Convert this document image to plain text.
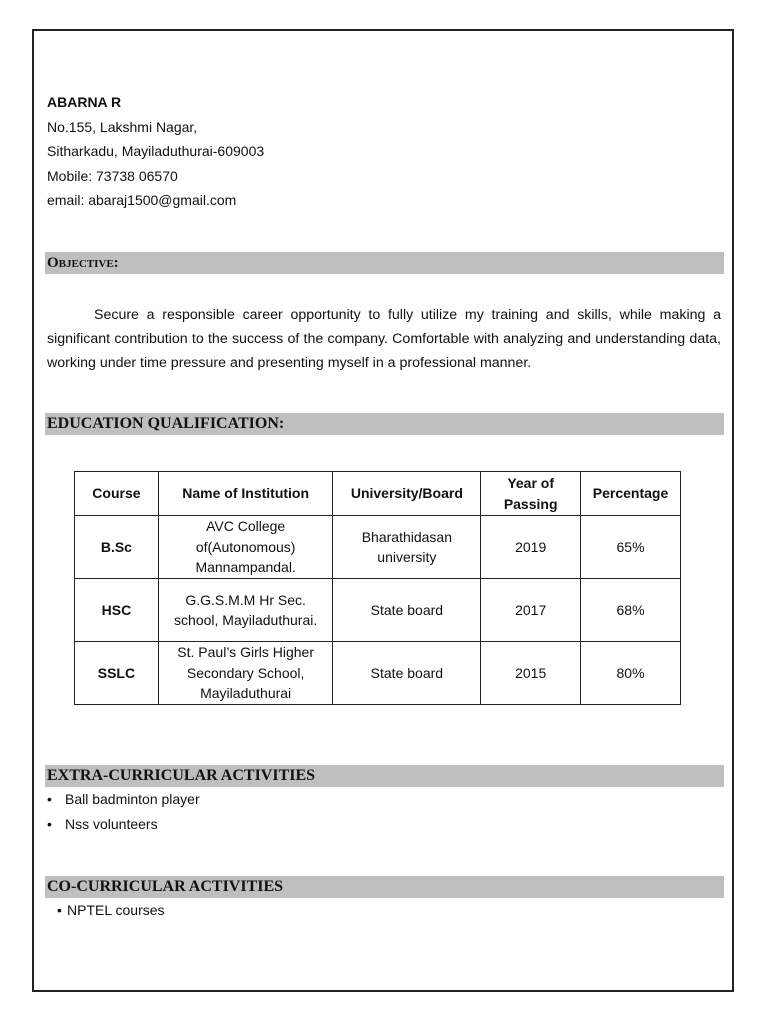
ABARNA R
No.155, Lakshmi Nagar,
Sitharkadu, Mayiladuthurai-609003
Mobile: 73738 06570
email: abaraj1500@gmail.com
Objective:
Secure a responsible career opportunity to fully utilize my training and skills, while making a significant contribution to the success of the company. Comfortable with analyzing and understanding data, working under time pressure and presenting myself in a professional manner.
EDUCATION QUALIFICATION:
Course	Name of Institution	University/Board	Year of Passing	Percentage
B.Sc	AVC College of(Autonomous) Mannampandal.	Bharathidasan university	2019	65%
HSC	G.G.S.M.M Hr Sec. school, Mayiladuthurai.	State board	2017	68%
SSLC	St. Paul’s Girls Higher Secondary School, Mayiladuthurai	State board	2015	80%
EXTRA-CURRICULAR ACTIVITIES
• Ball badminton player
• Nss volunteers
CO-CURRICULAR ACTIVITIES
• NPTEL courses
